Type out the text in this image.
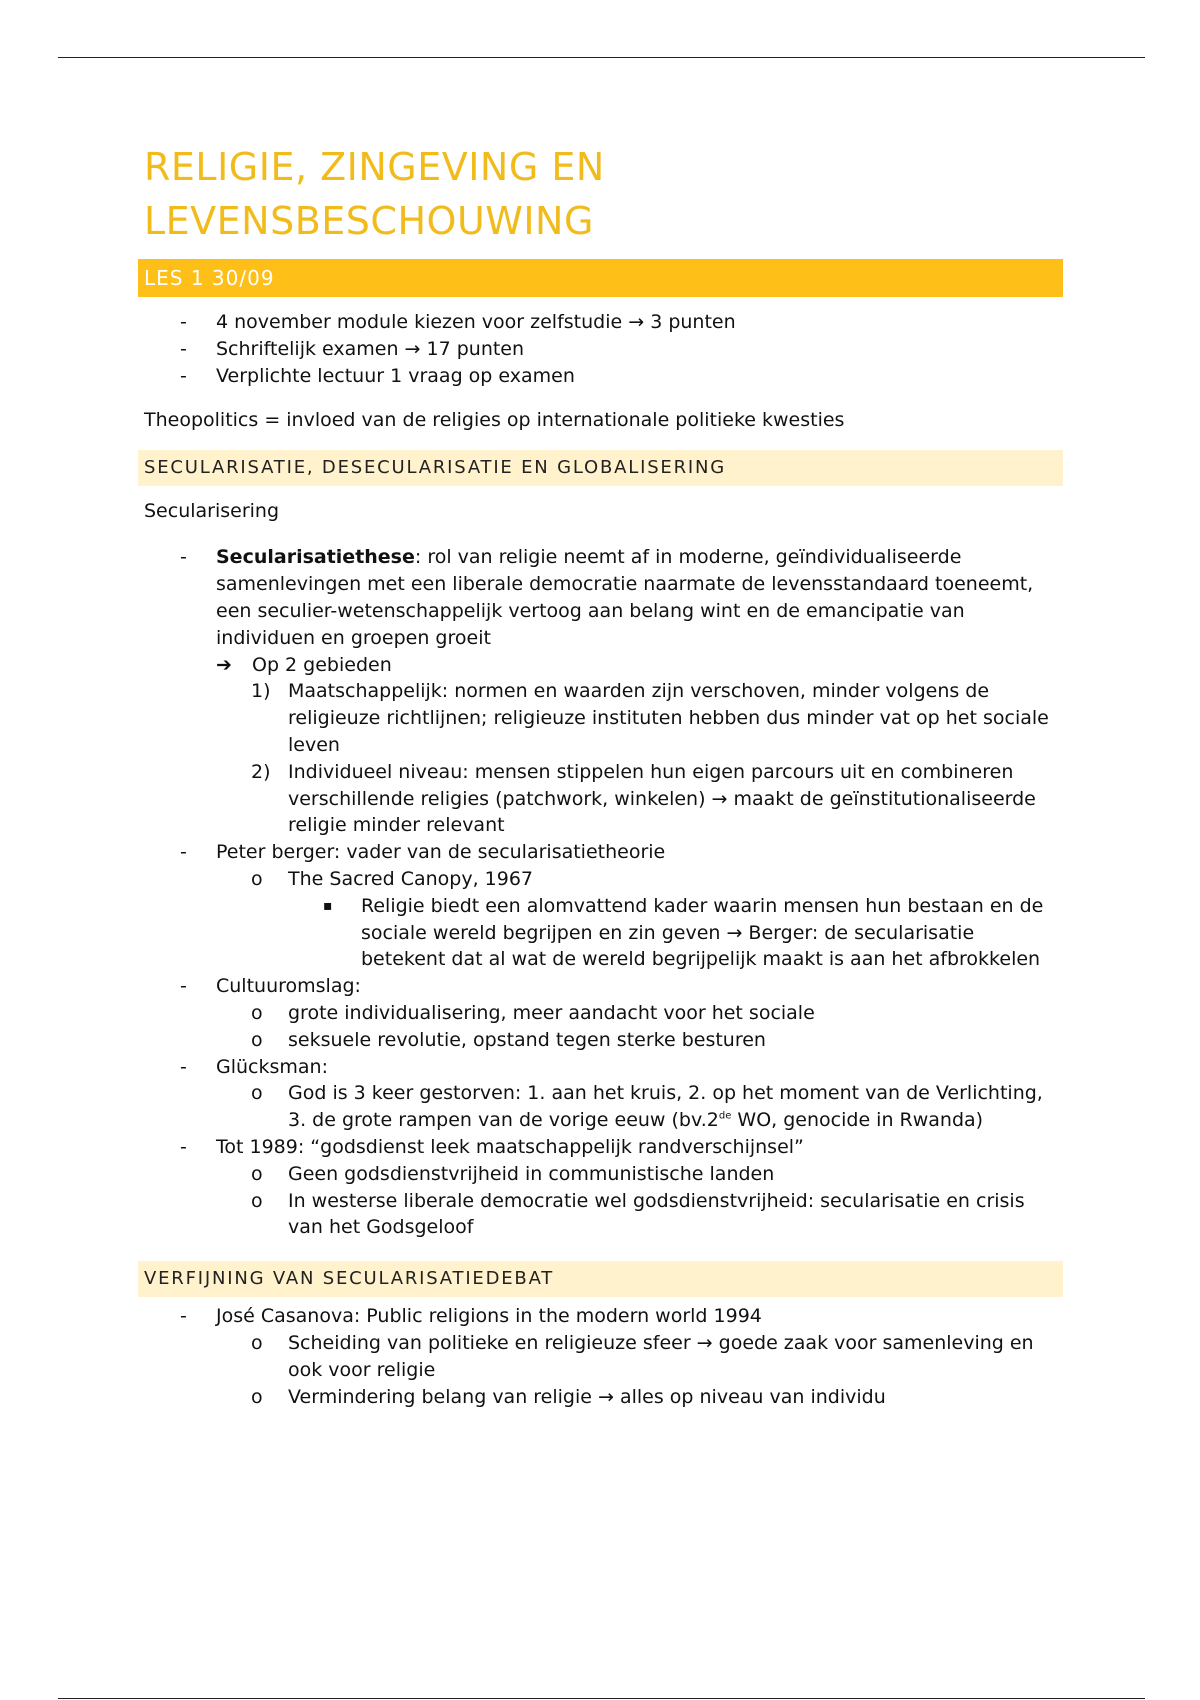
RELIGIE, ZINGEVING EN
LEVENSBESCHOUWING
LES 1 30/09
- 4 november module kiezen voor zelfstudie → 3 punten
- Schriftelijk examen → 17 punten
- Verplichte lectuur 1 vraag op examen
Theopolitics = invloed van de religies op internationale politieke kwesties
SECULARISATIE, DESECULARISATIE EN GLOBALISERING
Secularisering
- Secularisatiethese: rol van religie neemt af in moderne, geïndividualiseerde samenlevingen met een liberale democratie naarmate de levensstandaard toeneemt, een seculier-wetenschappelijk vertoog aan belang wint en de emancipatie van individuen en groepen groeit
➔ Op 2 gebieden
1) Maatschappelijk: normen en waarden zijn verschoven, minder volgens de religieuze richtlijnen; religieuze instituten hebben dus minder vat op het sociale leven
2) Individueel niveau: mensen stippelen hun eigen parcours uit en combineren verschillende religies (patchwork, winkelen) → maakt de geïnstitutionaliseerde religie minder relevant
- Peter berger: vader van de secularisatietheorie
o The Sacred Canopy, 1967
▪ Religie biedt een alomvattend kader waarin mensen hun bestaan en de sociale wereld begrijpen en zin geven → Berger: de secularisatie betekent dat al wat de wereld begrijpelijk maakt is aan het afbrokkelen
- Cultuuromslag:
o grote individualisering, meer aandacht voor het sociale
o seksuele revolutie, opstand tegen sterke besturen
- Glücksman:
o God is 3 keer gestorven: 1. aan het kruis, 2. op het moment van de Verlichting, 3. de grote rampen van de vorige eeuw (bv.2de WO, genocide in Rwanda)
- Tot 1989: “godsdienst leek maatschappelijk randverschijnsel”
o Geen godsdienstvrijheid in communistische landen
o In westerse liberale democratie wel godsdienstvrijheid: secularisatie en crisis van het Godsgeloof
VERFIJNING VAN SECULARISATIEDEBAT
- José Casanova: Public religions in the modern world 1994
o Scheiding van politieke en religieuze sfeer → goede zaak voor samenleving en ook voor religie
o Vermindering belang van religie → alles op niveau van individu
